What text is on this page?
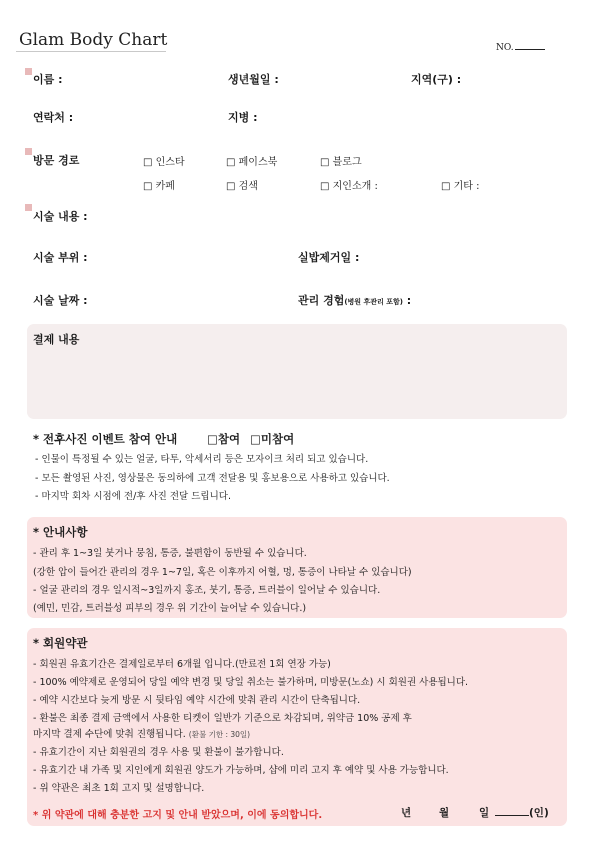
Glam Body Chart	NO.
이름 :	생년월일 :	지역(구) :
연락처 :	지병 :
방문 경로	□ 인스타	□ 페이스북	□ 블로그
□ 카페	□ 검색	□ 지인소개 :	□ 기타 :
시술 내용 :
시술 부위 :	실밥제거일 :
시술 날짜 :	관리 경험(병원 후관리 포함) :
결제 내용
* 전후사진 이벤트 참여 안내	□참여 □미참여
- 인물이 특정될 수 있는 얼굴, 타투, 악세서리 등은 모자이크 처리 되고 있습니다.
- 모든 촬영된 사진, 영상물은 동의하에 고객 전달용 및 홍보용으로 사용하고 있습니다.
- 마지막 회차 시점에 전/후 사진 전달 드립니다.
* 안내사항
- 관리 후 1~3일 붓거나 뭉침, 통증, 불편함이 동반될 수 있습니다.
(강한 압이 들어간 관리의 경우 1~7일, 혹은 이후까지 어혈, 멍, 통증이 나타날 수 있습니다)
- 얼굴 관리의 경우 일시적~3일까지 홍조, 붓기, 통증, 트러블이 일어날 수 있습니다.
(예민, 민감, 트러블성 피부의 경우 위 기간이 늘어날 수 있습니다.)
* 회원약관
- 회원권 유효기간은 결제일로부터 6개월 입니다.(만료전 1회 연장 가능)
- 100% 예약제로 운영되어 당일 예약 변경 및 당일 취소는 불가하며, 미방문(노쇼) 시 회원권 사용됩니다.
- 예약 시간보다 늦게 방문 시 뒷타임 예약 시간에 맞춰 관리 시간이 단축됩니다.
- 환불은 최종 결제 금액에서 사용한 티켓이 일반가 기준으로 차감되며, 위약금 10% 공제 후
마지막 결제 수단에 맞춰 진행됩니다. (환불 기한 : 30일)
- 유효기간이 지난 회원권의 경우 사용 및 환불이 불가합니다.
- 유효기간 내 가족 및 지인에게 회원권 양도가 가능하며, 샵에 미리 고지 후 예약 및 사용 가능합니다.
- 위 약관은 최초 1회 고지 및 설명합니다.
* 위 약관에 대해 충분한 고지 및 안내 받았으며, 이에 동의합니다.	년	월	일	(인)
